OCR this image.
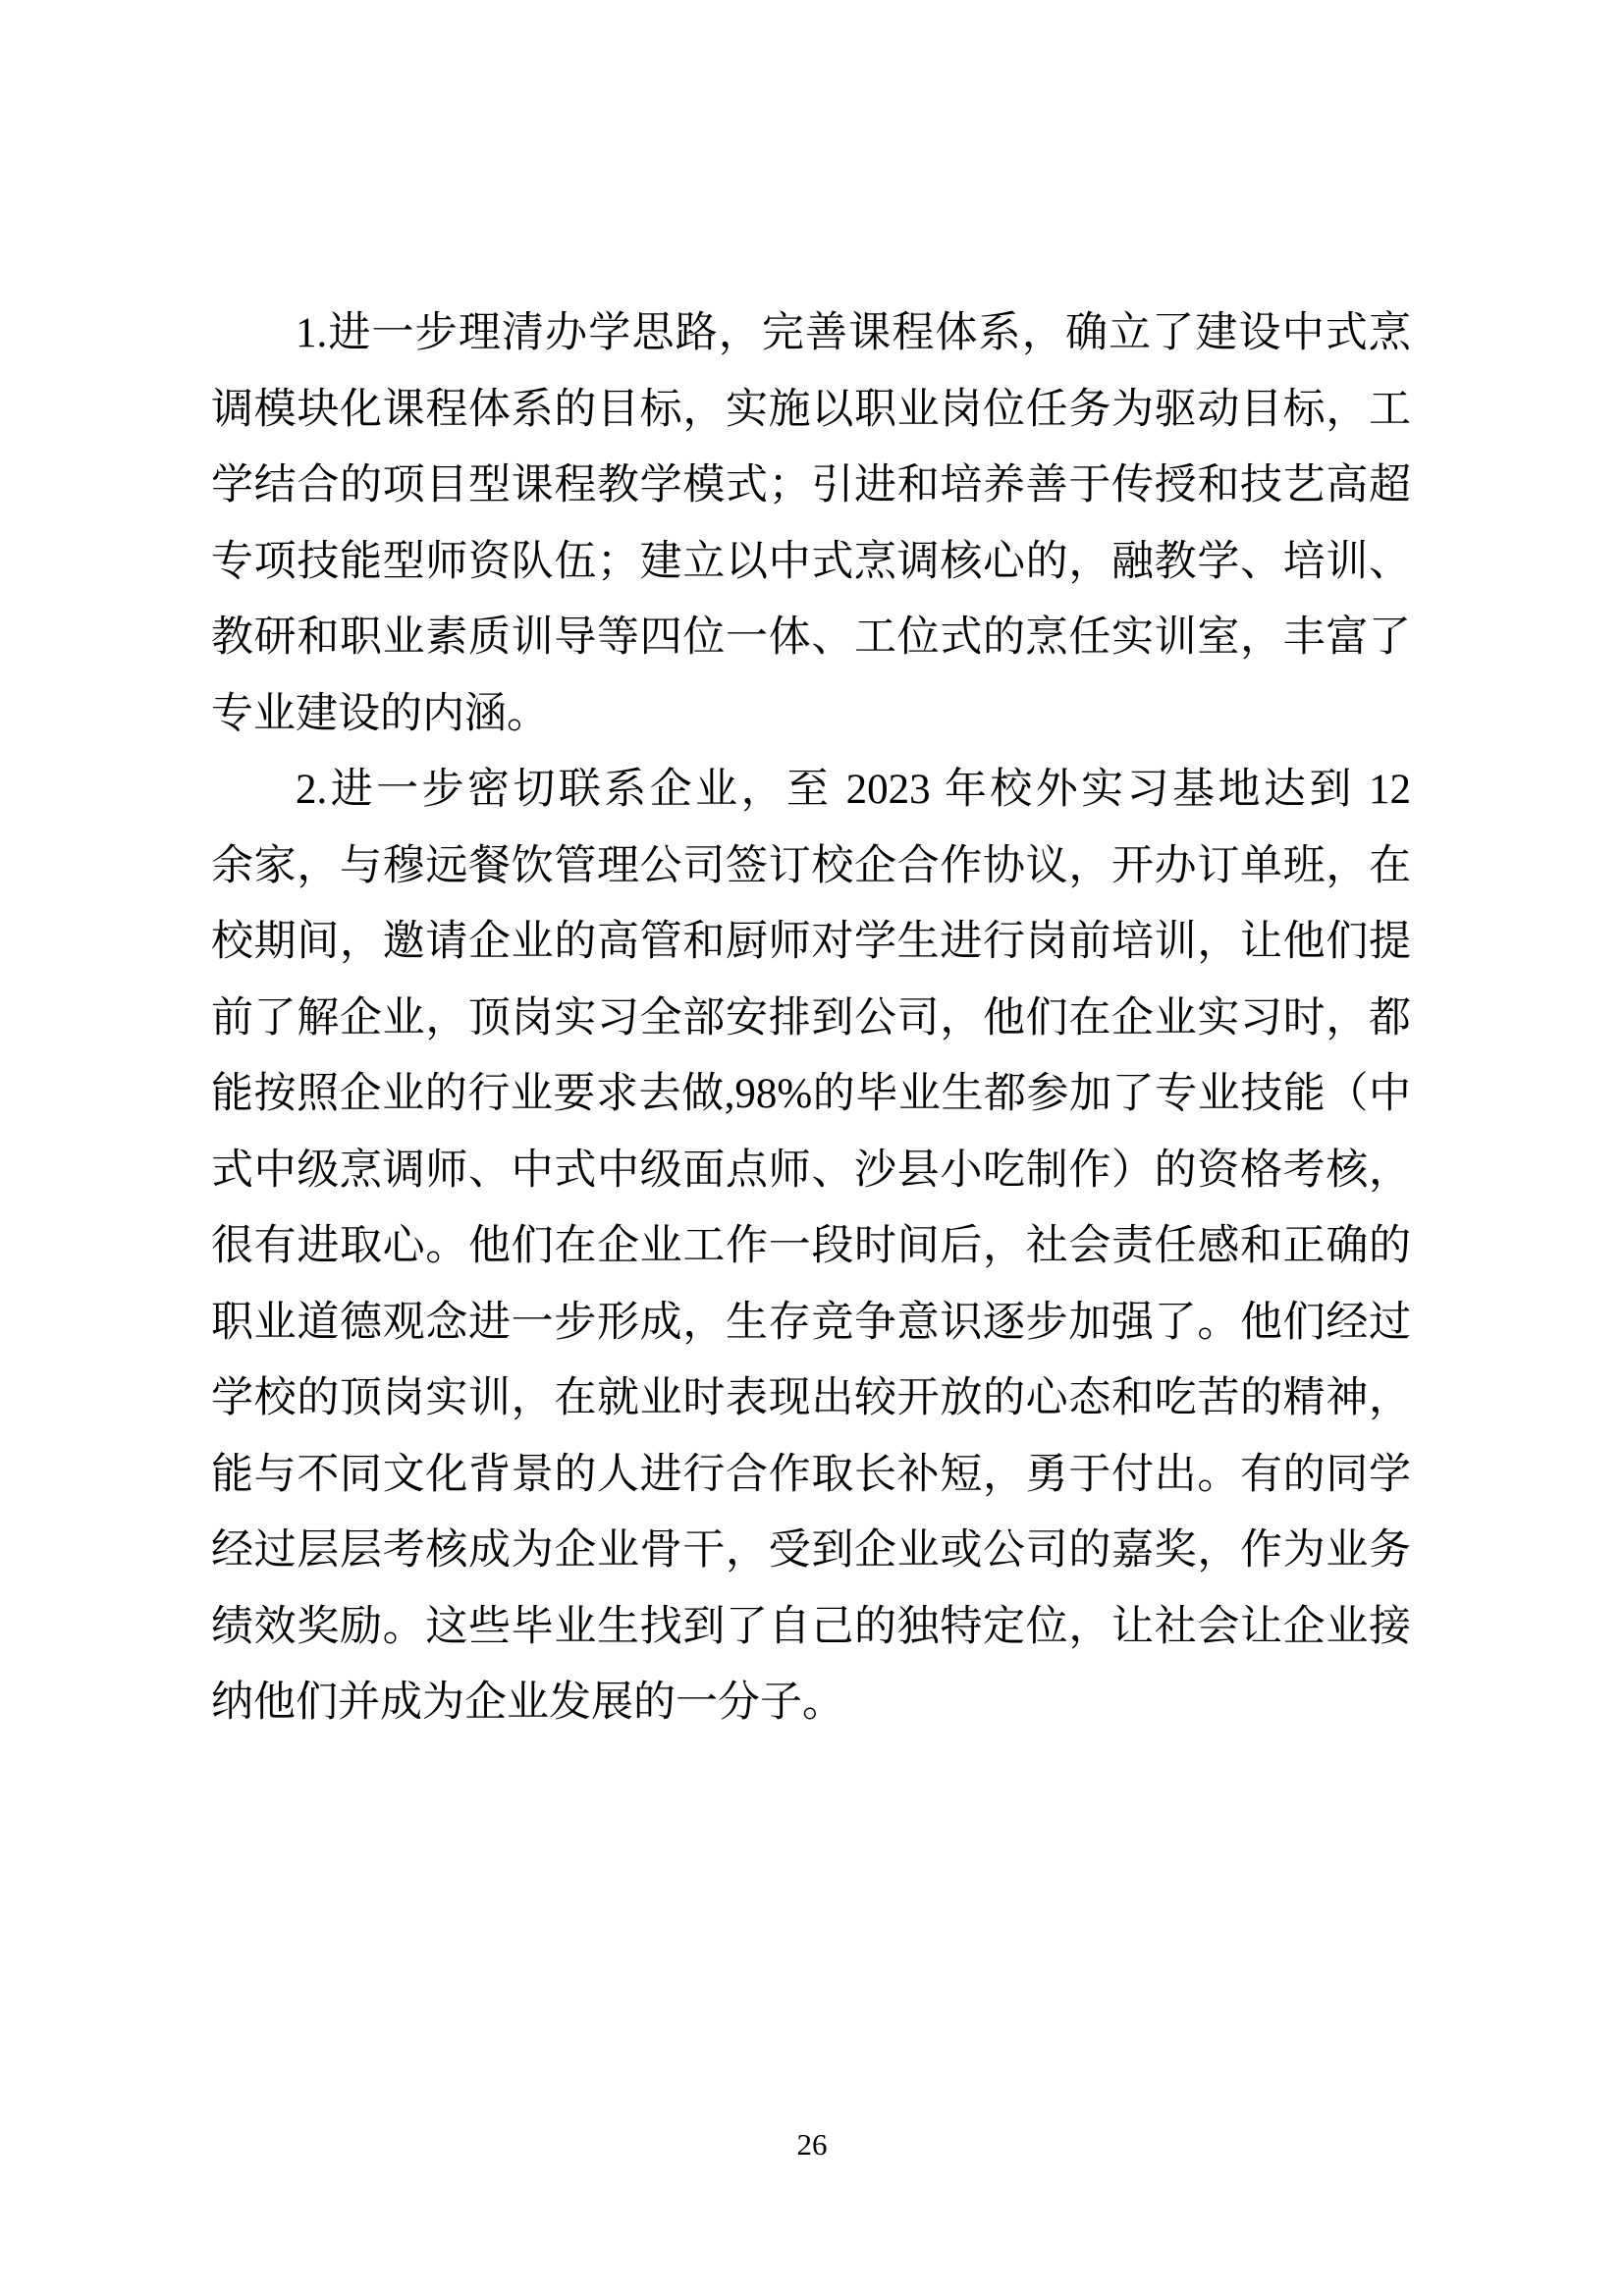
1.进一步理清办学思路，完善课程体系，确立了建设中式烹
调模块化课程体系的目标，实施以职业岗位任务为驱动目标，工
学结合的项目型课程教学模式；引进和培养善于传授和技艺高超
专项技能型师资队伍；建立以中式烹调核心的，融教学、培训、
教研和职业素质训导等四位一体、工位式的烹任实训室，丰富了
专业建设的内涵。
2.进一步密切联系企业，至 2023 年校外实习基地达到 12
余家，与穆远餐饮管理公司签订校企合作协议，开办订单班，在
校期间，邀请企业的高管和厨师对学生进行岗前培训，让他们提
前了解企业，顶岗实习全部安排到公司，他们在企业实习时，都
能按照企业的行业要求去做,98%的毕业生都参加了专业技能（中
式中级烹调师、中式中级面点师、沙县小吃制作）的资格考核，
很有进取心。他们在企业工作一段时间后，社会责任感和正确的
职业道德观念进一步形成，生存竞争意识逐步加强了。他们经过
学校的顶岗实训，在就业时表现出较开放的心态和吃苦的精神，
能与不同文化背景的人进行合作取长补短，勇于付出。有的同学
经过层层考核成为企业骨干，受到企业或公司的嘉奖，作为业务
绩效奖励。这些毕业生找到了自己的独特定位，让社会让企业接
纳他们并成为企业发展的一分子。
26
